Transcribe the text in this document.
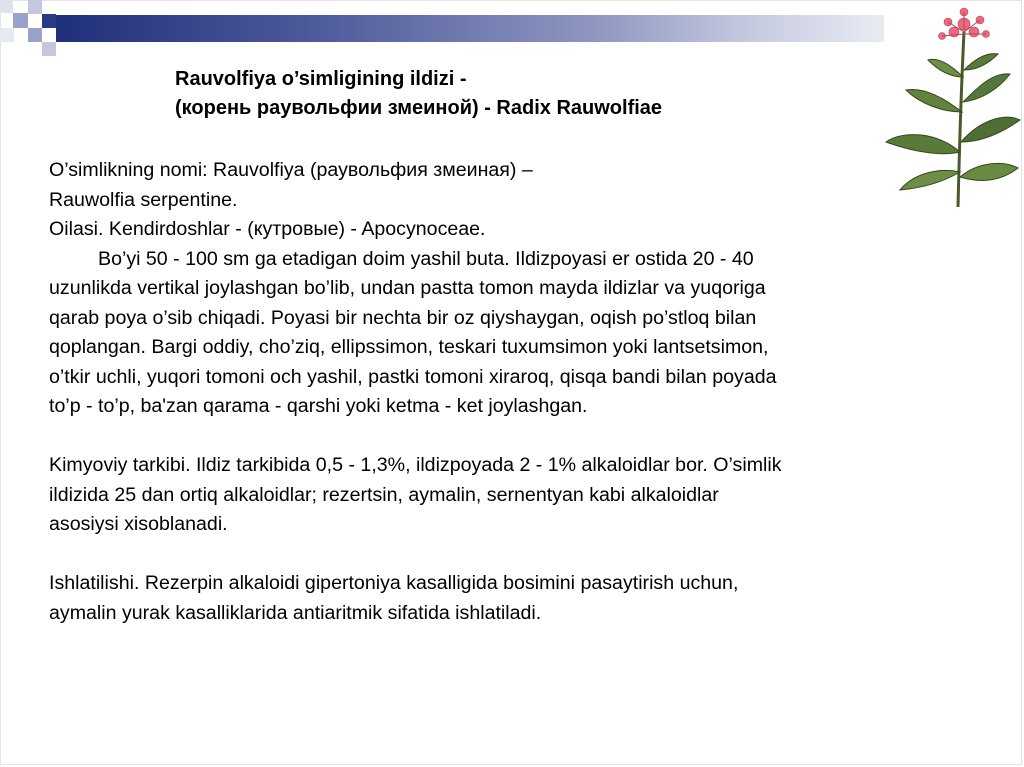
Rauvolfiya o’simligining ildizi -
(корень раувольфии змеиной) - Radix Rauwolfiae
O’simlikning nomi: Rauvolfiya (раувольфия змеиная) –
Rauwolfia serpentine.
Oilasi. Kendirdoshlar - (кутровые) - Apocynoceae.
Bo’yi 50 - 100 sm ga etadigan doim yashil buta. Ildizpoyasi er ostida 20 - 40
uzunlikda vertikal joylashgan bo’lib, undan pastta tomon mayda ildizlar va yuqoriga
qarab poya o’sib chiqadi. Poyasi bir nechta bir oz qiyshaygan, oqish po’stloq bilan
qoplangan. Bargi oddiy, cho’ziq, ellipssimon, teskari tuxumsimon yoki lantsetsimon,
o’tkir uchli, yuqori tomoni och yashil, pastki tomoni xiraroq, qisqa bandi bilan poyada
to’p - to’p, ba'zan qarama - qarshi yoki ketma - ket joylashgan.
Kimyoviy tarkibi. Ildiz tarkibida 0,5 - 1,3%, ildizpoyada 2 - 1% alkaloidlar bor. O’simlik
ildizida 25 dan ortiq alkaloidlar; rezertsin, aymalin, sernentyan kabi alkaloidlar
asosiysi xisoblanadi.
Ishlatilishi. Rezerpin alkaloidi gipertoniya kasalligida bosimini pasaytirish uchun,
aymalin yurak kasalliklarida antiaritmik sifatida ishlatiladi.
